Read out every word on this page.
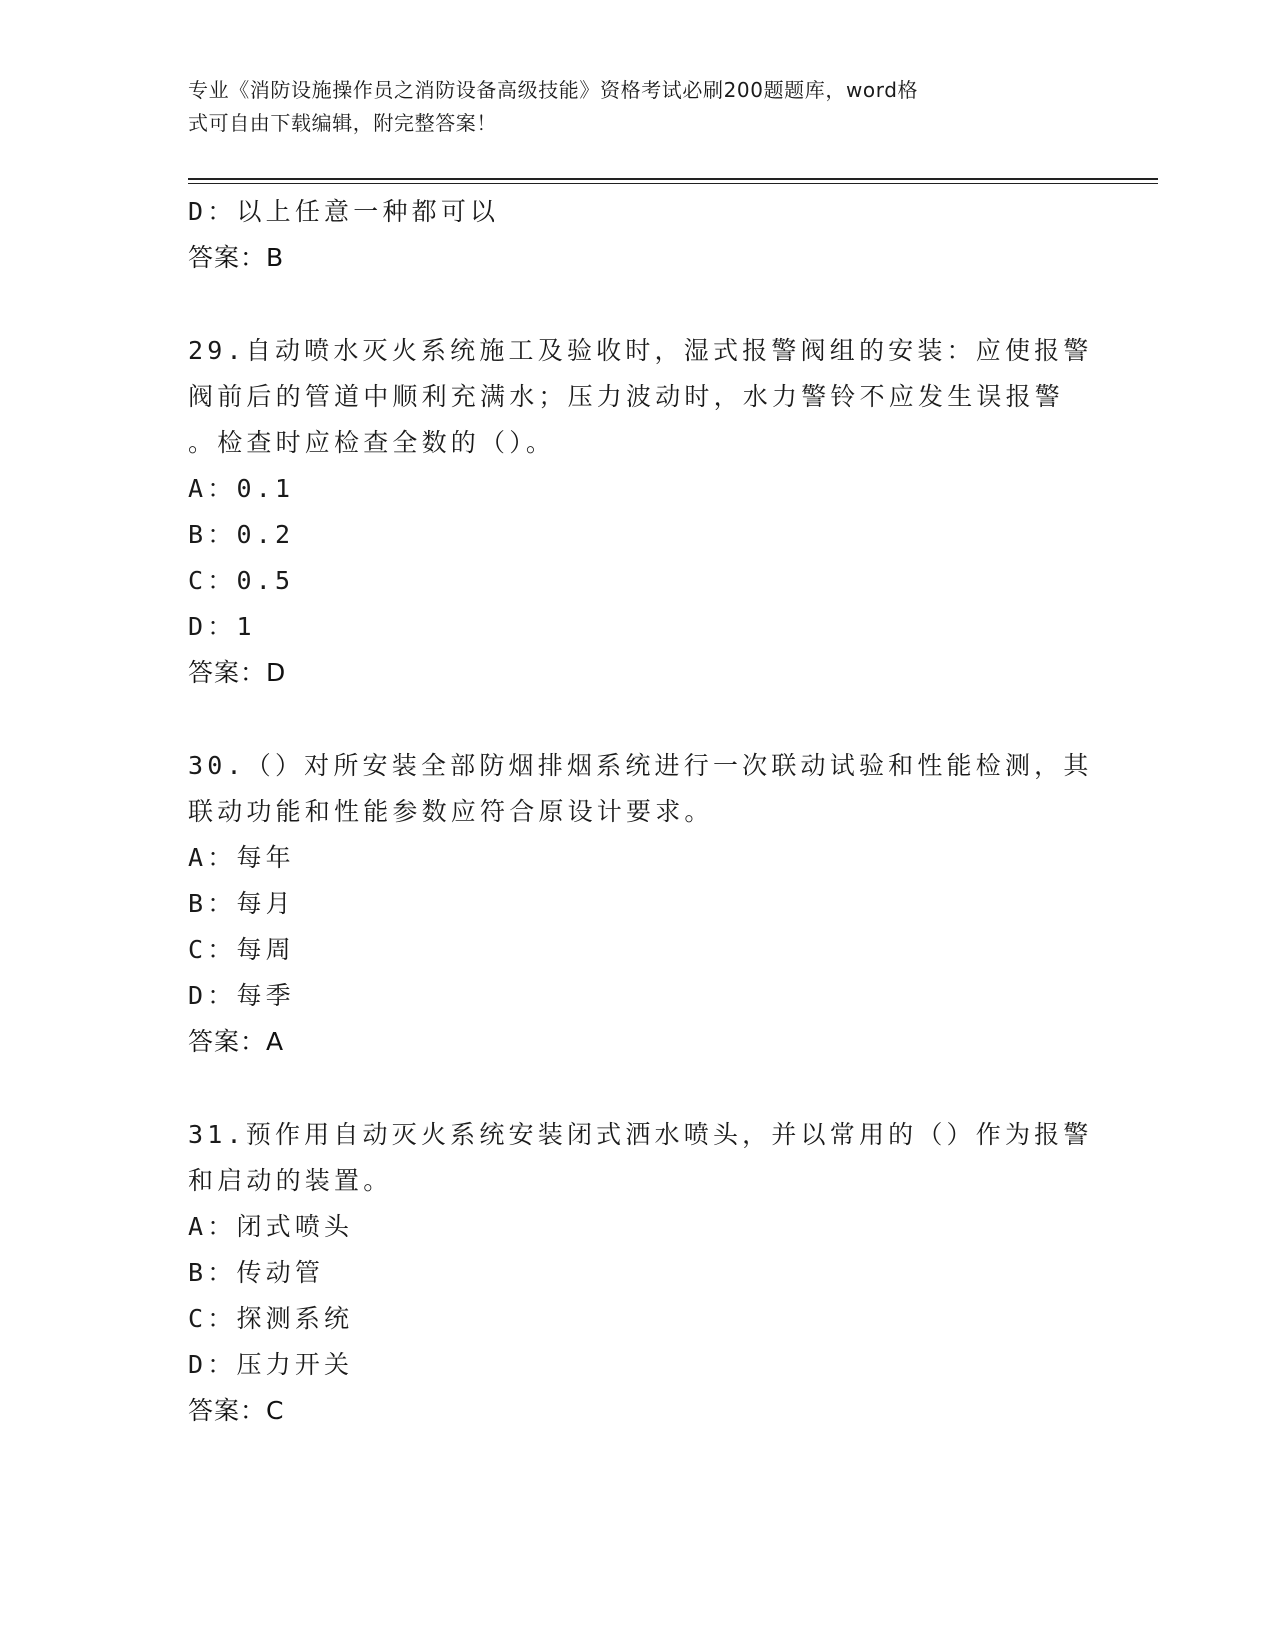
专业《消防设施操作员之消防设备高级技能》资格考试必刷200题题库，word格
式可自由下载编辑，附完整答案！
D：以上任意一种都可以
答案：B
29.自动喷水灭火系统施工及验收时，湿式报警阀组的安装：应使报警
阀前后的管道中顺利充满水；压力波动时，水力警铃不应发生误报警
。检查时应检查全数的（）。
A：0.1
B：0.2
C：0.5
D：1
答案：D
30.（）对所安装全部防烟排烟系统进行一次联动试验和性能检测，其
联动功能和性能参数应符合原设计要求。
A：每年
B：每月
C：每周
D：每季
答案：A
31.预作用自动灭火系统安装闭式洒水喷头，并以常用的（）作为报警
和启动的装置。
A：闭式喷头
B：传动管
C：探测系统
D：压力开关
答案：C
